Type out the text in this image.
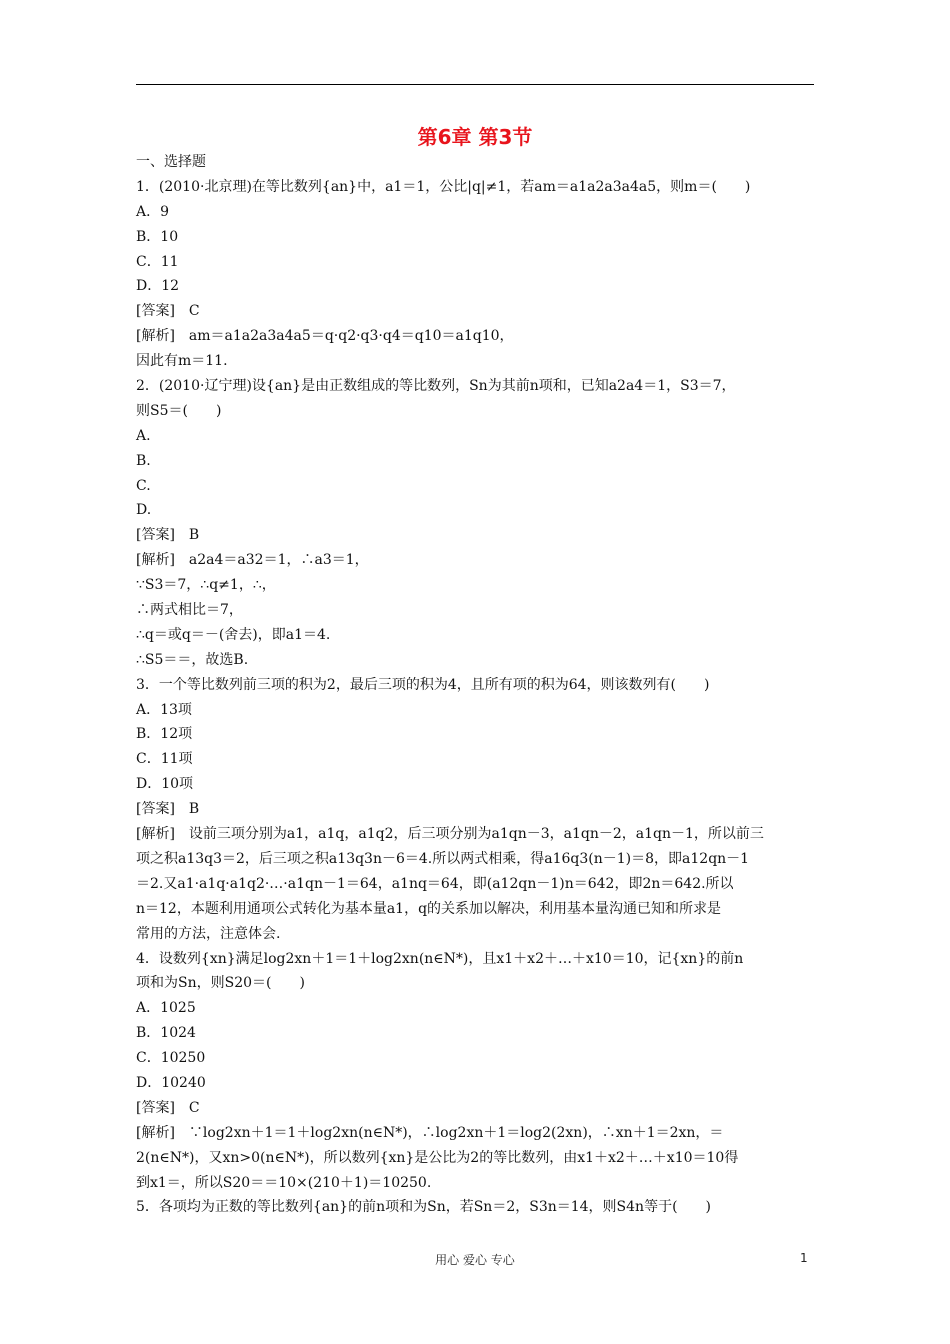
第6章 第3节
一、选择题
1．(2010·北京理)在等比数列{an}中，a1＝1，公比|q|≠1，若am＝a1a2a3a4a5，则m＝(　　)
A．9
B．10
C．11
D．12
[答案]　C
[解析]　am＝a1a2a3a4a5＝q·q2·q3·q4＝q10＝a1q10，
因此有m＝11.
2．(2010·辽宁理)设{an}是由正数组成的等比数列，Sn为其前n项和，已知a2a4＝1，S3＝7，
则S5＝(　　)
A.
B.
C.
D.
[答案]　B
[解析]　a2a4＝a32＝1，∴a3＝1，
∵S3＝7，∴q≠1，∴，
∴两式相比＝7，
∴q＝或q＝－(舍去)，即a1＝4.
∴S5＝＝，故选B.
3．一个等比数列前三项的积为2，最后三项的积为4，且所有项的积为64，则该数列有(　　)
A．13项
B．12项
C．11项
D．10项
[答案]　B
[解析]　设前三项分别为a1，a1q，a1q2，后三项分别为a1qn－3，a1qn－2，a1qn－1，所以前三
项之积a13q3＝2，后三项之积a13q3n－6＝4.所以两式相乘，得a16q3(n－1)＝8，即a12qn－1
＝2.又a1·a1q·a1q2·…·a1qn－1＝64，a1nq＝64，即(a12qn－1)n＝642，即2n＝642.所以
n＝12，本题利用通项公式转化为基本量a1，q的关系加以解决，利用基本量沟通已知和所求是
常用的方法，注意体会.
4．设数列{xn}满足log2xn＋1＝1＋log2xn(n∈N*)，且x1＋x2＋…＋x10＝10，记{xn}的前n
项和为Sn，则S20＝(　　)
A．1025
B．1024
C．10250
D．10240
[答案]　C
[解析]　∵log2xn＋1＝1＋log2xn(n∈N*)，∴log2xn＋1＝log2(2xn)，∴xn＋1＝2xn，＝
2(n∈N*)，又xn>0(n∈N*)，所以数列{xn}是公比为2的等比数列，由x1＋x2＋…＋x10＝10得
到x1＝，所以S20＝＝10×(210＋1)＝10250.
5．各项均为正数的等比数列{an}的前n项和为Sn，若Sn＝2，S3n＝14，则S4n等于(　　)
用心 爱心 专心	1
